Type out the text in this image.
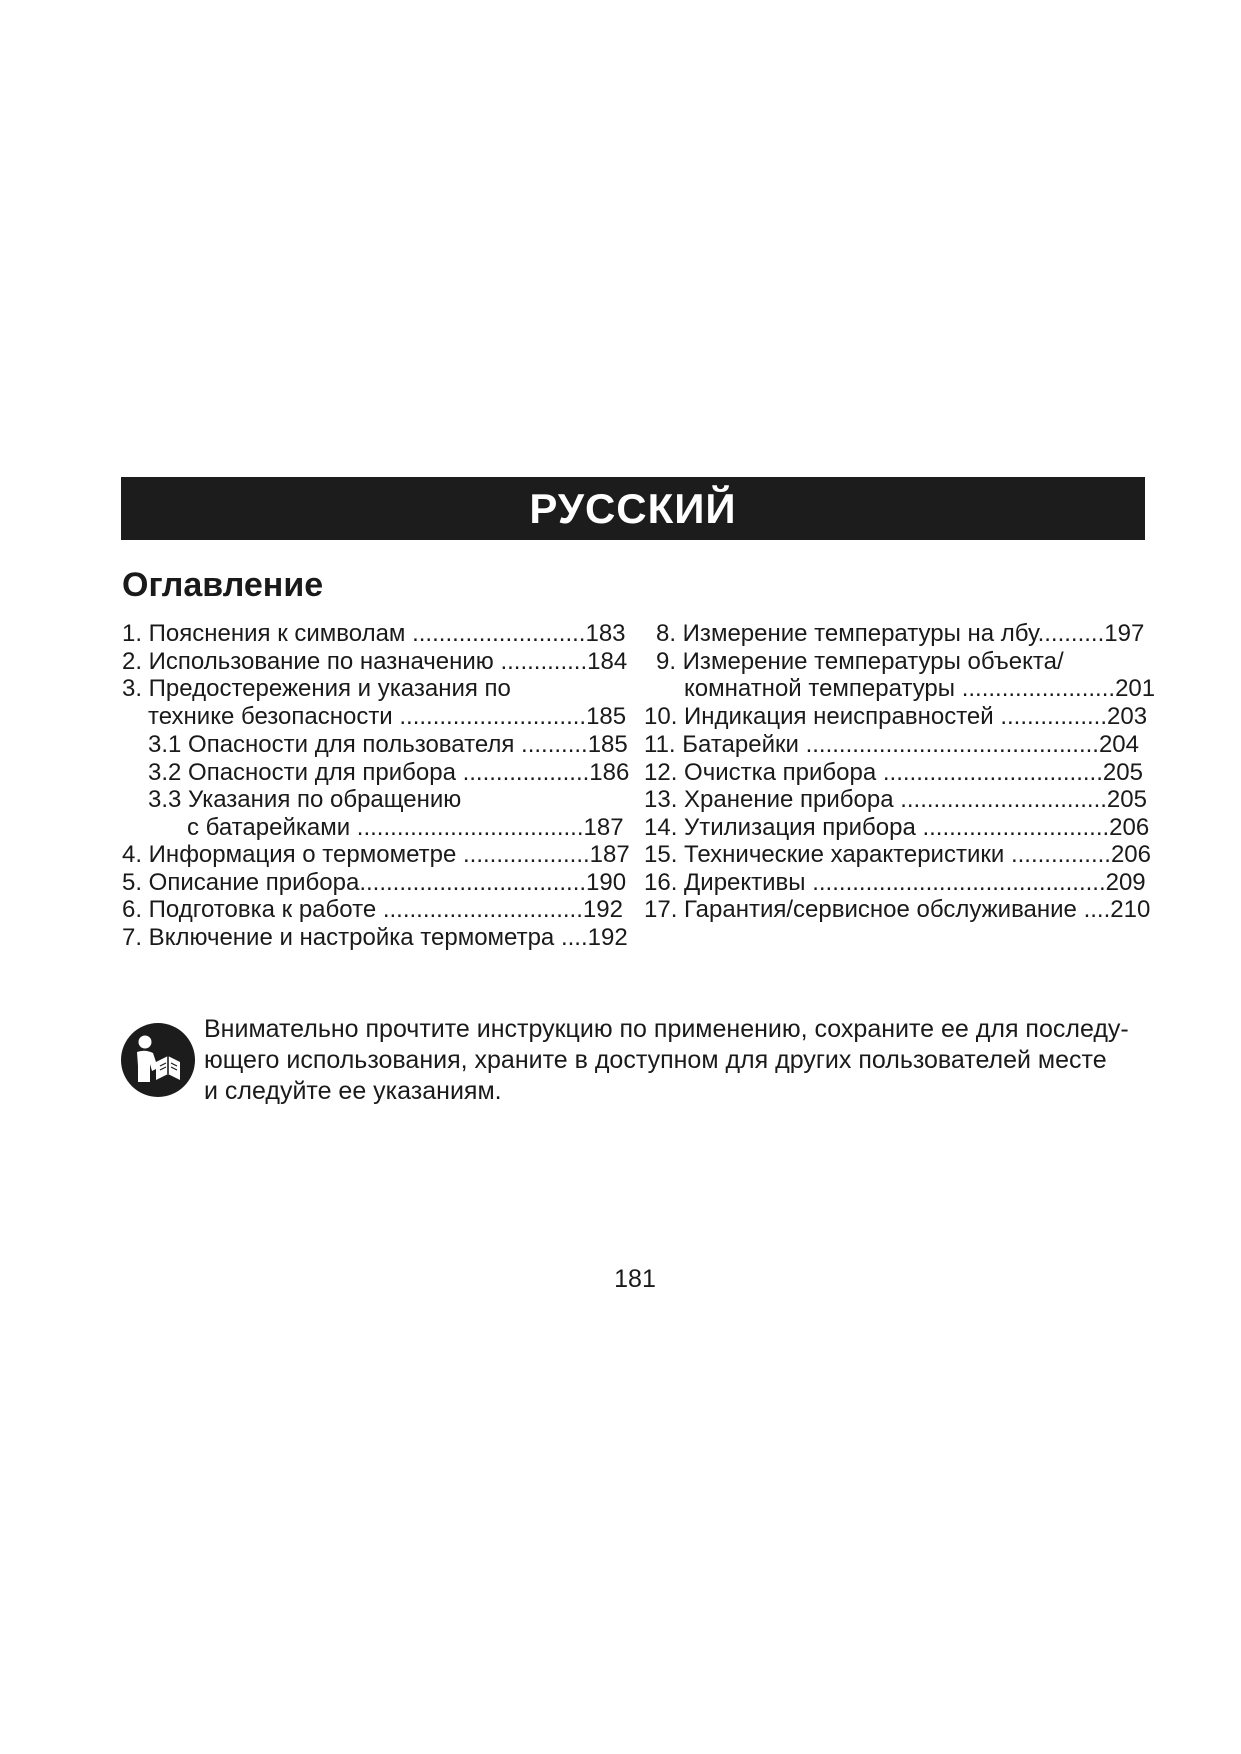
РУССКИЙ
Оглавление
1. Пояснения к символам ..........................183
2. Использование по назначению .............184
3. Предостережения и указания по
технике безопасности ............................185
3.1 Опасности для пользователя ..........185
3.2 Опасности для прибора ...................186
3.3 Указания по обращению
с батарейками ..................................187
4. Информация о термометре ...................187
5. Описание прибора..................................190
6. Подготовка к работе ..............................192
7. Включение и настройка термометра ....192
8. Измерение температуры на лбу..........197
9. Измерение температуры объекта/
комнатной температуры .......................201
10. Индикация неисправностей ................203
11. Батарейки ............................................204
12. Очистка прибора .................................205
13. Хранение прибора ...............................205
14. Утилизация прибора ............................206
15. Технические характеристики ...............206
16. Директивы ............................................209
17. Гарантия/сервисное обслуживание ....210

Внимательно прочтите инструкцию по применению, сохраните ее для последу-
ющего использования, храните в доступном для других пользователей месте
и следуйте ее указаниям.

181
